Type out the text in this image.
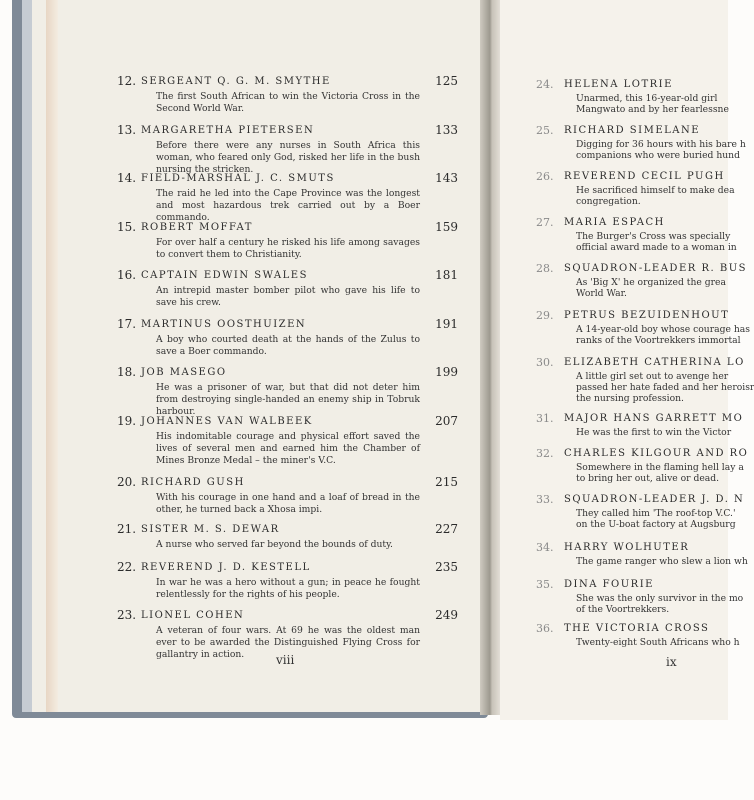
12. SERGEANT Q. G. M. SMYTHE	125
The first South African to win the Victoria Cross in the Second World War.
13. MARGARETHA PIETERSEN	133
Before there were any nurses in South Africa this woman, who feared only God, risked her life in the bush nursing the stricken.
14. FIELD-MARSHAL J. C. SMUTS	143
The raid he led into the Cape Province was the longest and most hazardous trek carried out by a Boer commando.
15. ROBERT MOFFAT	159
For over half a century he risked his life among savages to convert them to Christianity.
16. CAPTAIN EDWIN SWALES	181
An intrepid master bomber pilot who gave his life to save his crew.
17. MARTINUS OOSTHUIZEN	191
A boy who courted death at the hands of the Zulus to save a Boer commando.
18. JOB MASEGO	199
He was a prisoner of war, but that did not deter him from destroying single-handed an enemy ship in Tobruk harbour.
19. JOHANNES VAN WALBEEK	207
His indomitable courage and physical effort saved the lives of several men and earned him the Chamber of Mines Bronze Medal – the miner's V.C.
20. RICHARD GUSH	215
With his courage in one hand and a loaf of bread in the other, he turned back a Xhosa impi.
21. SISTER M. S. DEWAR	227
A nurse who served far beyond the bounds of duty.
22. REVEREND J. D. KESTELL	235
In war he was a hero without a gun; in peace he fought relentlessly for the rights of his people.
23. LIONEL COHEN	249
A veteran of four wars. At 69 he was the oldest man ever to be awarded the Distinguished Flying Cross for gallantry in action.	viii
24. HELENA LOTRIE
Unarmed, this 16-year-old girl
Mangwato and by her fearlessne
25. RICHARD SIMELANE
Digging for 36 hours with his bare h
companions who were buried hund
26. REVEREND CECIL PUGH
He sacrificed himself to make dea
congregation.
27. MARIA ESPACH
The Burger's Cross was specially
official award made to a woman in
28. SQUADRON-LEADER R. BUS
As 'Big X' he organized the grea
World War.
29. PETRUS BEZUIDENHOUT
A 14-year-old boy whose courage has
ranks of the Voortrekkers immortal
30. ELIZABETH CATHERINA LO
A little girl set out to avenge her
passed her hate faded and her heroisr
the nursing profession.
31. MAJOR HANS GARRETT MO
He was the first to win the Victor
32. CHARLES KILGOUR AND RO
Somewhere in the flaming hell lay a
to bring her out, alive or dead.
33. SQUADRON-LEADER J. D. N
They called him 'The roof-top V.C.'
on the U-boat factory at Augsburg
34. HARRY WOLHUTER
The game ranger who slew a lion wh
35. DINA FOURIE
She was the only survivor in the mo
of the Voortrekkers.
36. THE VICTORIA CROSS
Twenty-eight South Africans who h
ix
